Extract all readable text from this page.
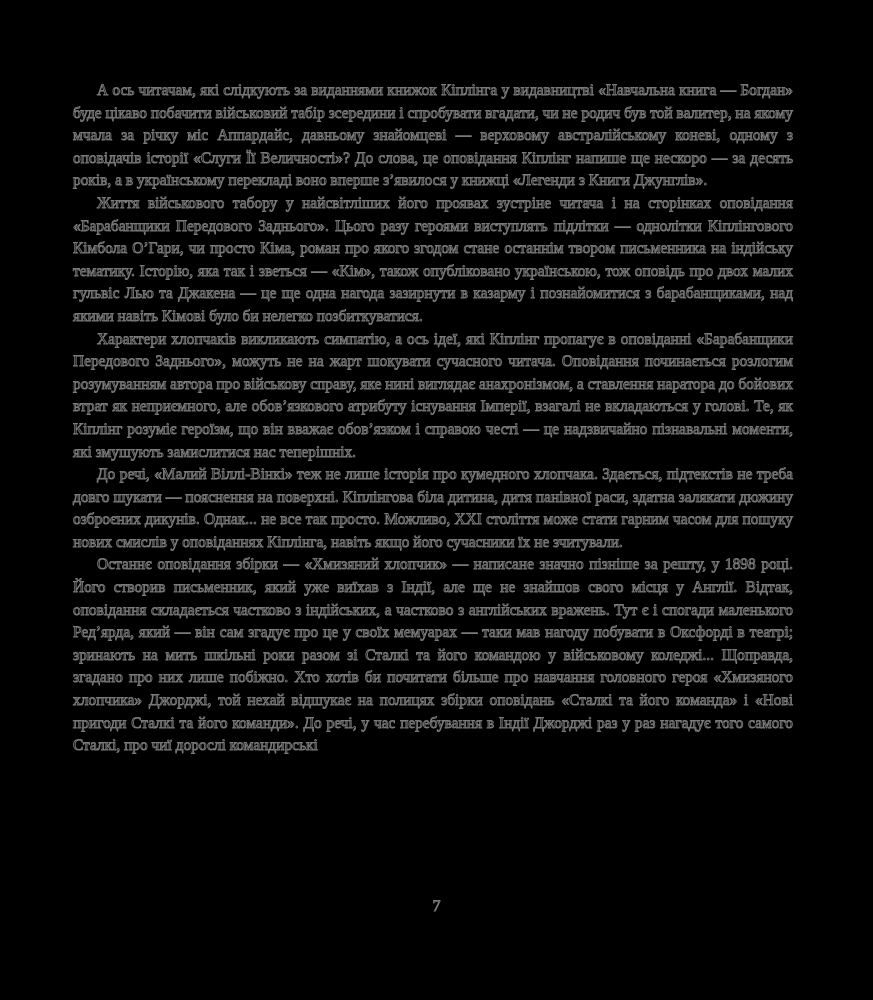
А ось читачам, які слідкують за виданнями книжок Кіплінга у видавництві «Навчальна книга — Богдан» буде цікаво побачити військовий табір зсередини і спробувати вгадати, чи не родич був той валитер, на якому мчала за річку міс Аппардайс, давньому знайомцеві — верховому австралійському коневі, одному з оповідачів історії «Слуги Її Величності»? До слова, це оповідання Кіплінг напише ще нескоро — за десять років, а в українському перекладі воно вперше з’явилося у книжці «Легенди з Книги Джунглів».

Життя військового табору у найсвітліших його проявах зустріне читача і на сторінках оповідання «Барабанщики Передового Заднього». Цього разу героями виступлять підлітки — однолітки Кіплінгового Кімбола О’Гари, чи просто Кіма, роман про якого згодом стане останнім твором письменника на індійську тематику. Історію, яка так і зветься — «Кім», також опубліковано українською, тож оповідь про двох малих гульвіс Лью та Джакена — це ще одна нагода зазирнути в казарму і познайомитися з барабанщиками, над якими навіть Кімові було би нелегко позбиткуватися.

Характери хлопчаків викликають симпатію, а ось ідеї, які Кіплінг пропагує в оповіданні «Барабанщики Передового Заднього», можуть не на жарт шокувати сучасного читача. Оповідання починається розлогим розумуванням автора про військову справу, яке нині виглядає анахронізмом, а ставлення наратора до бойових втрат як неприємного, але обов’язкового атрибуту існування Імперії, взагалі не вкладаються у голові. Те, як Кіплінг розуміє героїзм, що він вважає обов’язком і справою честі — це надзвичайно пізнавальні моменти, які змушують замислитися нас теперішніх.

До речі, «Малий Віллі-Вінкі» теж не лише історія про кумедного хлопчака. Здається, підтекстів не треба довго шукати — пояснення на поверхні. Кіплінгова біла дитина, дитя панівної раси, здатна залякати дюжину озброєних дикунів. Однак... не все так просто. Можливо, XXI століття може стати гарним часом для пошуку нових смислів у оповіданнях Кіплінга, навіть якщо його сучасники їх не зчитували.

Останнє оповідання збірки — «Хмизяний хлопчик» — написане значно пізніше за решту, у 1898 році. Його створив письменник, який уже виїхав з Індії, але ще не знайшов свого місця у Англії. Відтак, оповідання складається частково з індійських, а частково з англійських вражень. Тут є і спогади маленького Ред’ярда, який — він сам згадує про це у своїх мемуарах — таки мав нагоду побувати в Оксфорді в театрі; зринають на мить шкільні роки разом зі Сталкі та його командою у військовому коледжі... Щоправда, згадано про них лише побіжно. Хто хотів би почитати більше про навчання головного героя «Хмизяного хлопчика» Джорджі, той нехай відшукає на полицях збірки оповідань «Сталкі та його команда» і «Нові пригоди Сталкі та його команди». До речі, у час перебування в Індії Джорджі раз у раз нагадує того самого Сталкі, про чиї дорослі командирські

7
